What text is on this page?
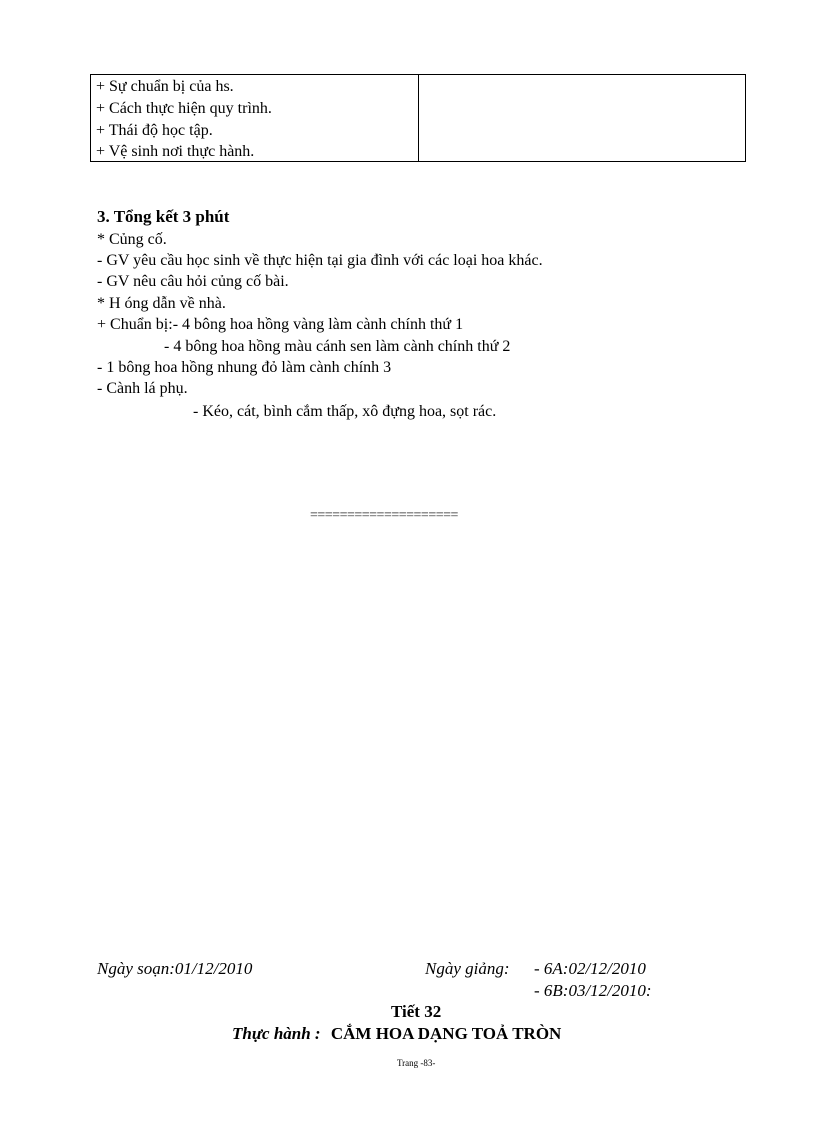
+ Sự chuẩn bị của hs.
+ Cách thực hiện quy trình.
+ Thái độ học tập.
+ Vệ sinh nơi thực hành.
3. Tổng kết 3 phút
* Củng cố.
- GV yêu cầu học sinh về thực hiện tại gia đình với các loại hoa khác.
- GV nêu câu hỏi củng cố bài.
* H óng dẫn về nhà.
+ Chuẩn bị:- 4 bông hoa hồng vàng làm cành chính thứ 1
- 4 bông hoa hồng màu cánh sen làm cành chính thứ 2
- 1 bông hoa hồng nhung đỏ làm cành chính 3
- Cành lá phụ.
- Kéo, cát, bình cắm thấp, xô đựng hoa, sọt rác.
====================
Ngày soạn:01/12/2010	Ngày giảng: - 6A:02/12/2010
- 6B:03/12/2010:
Tiết 32
Thực hành : CẮM HOA DẠNG TOẢ TRÒN
Trang -83-
